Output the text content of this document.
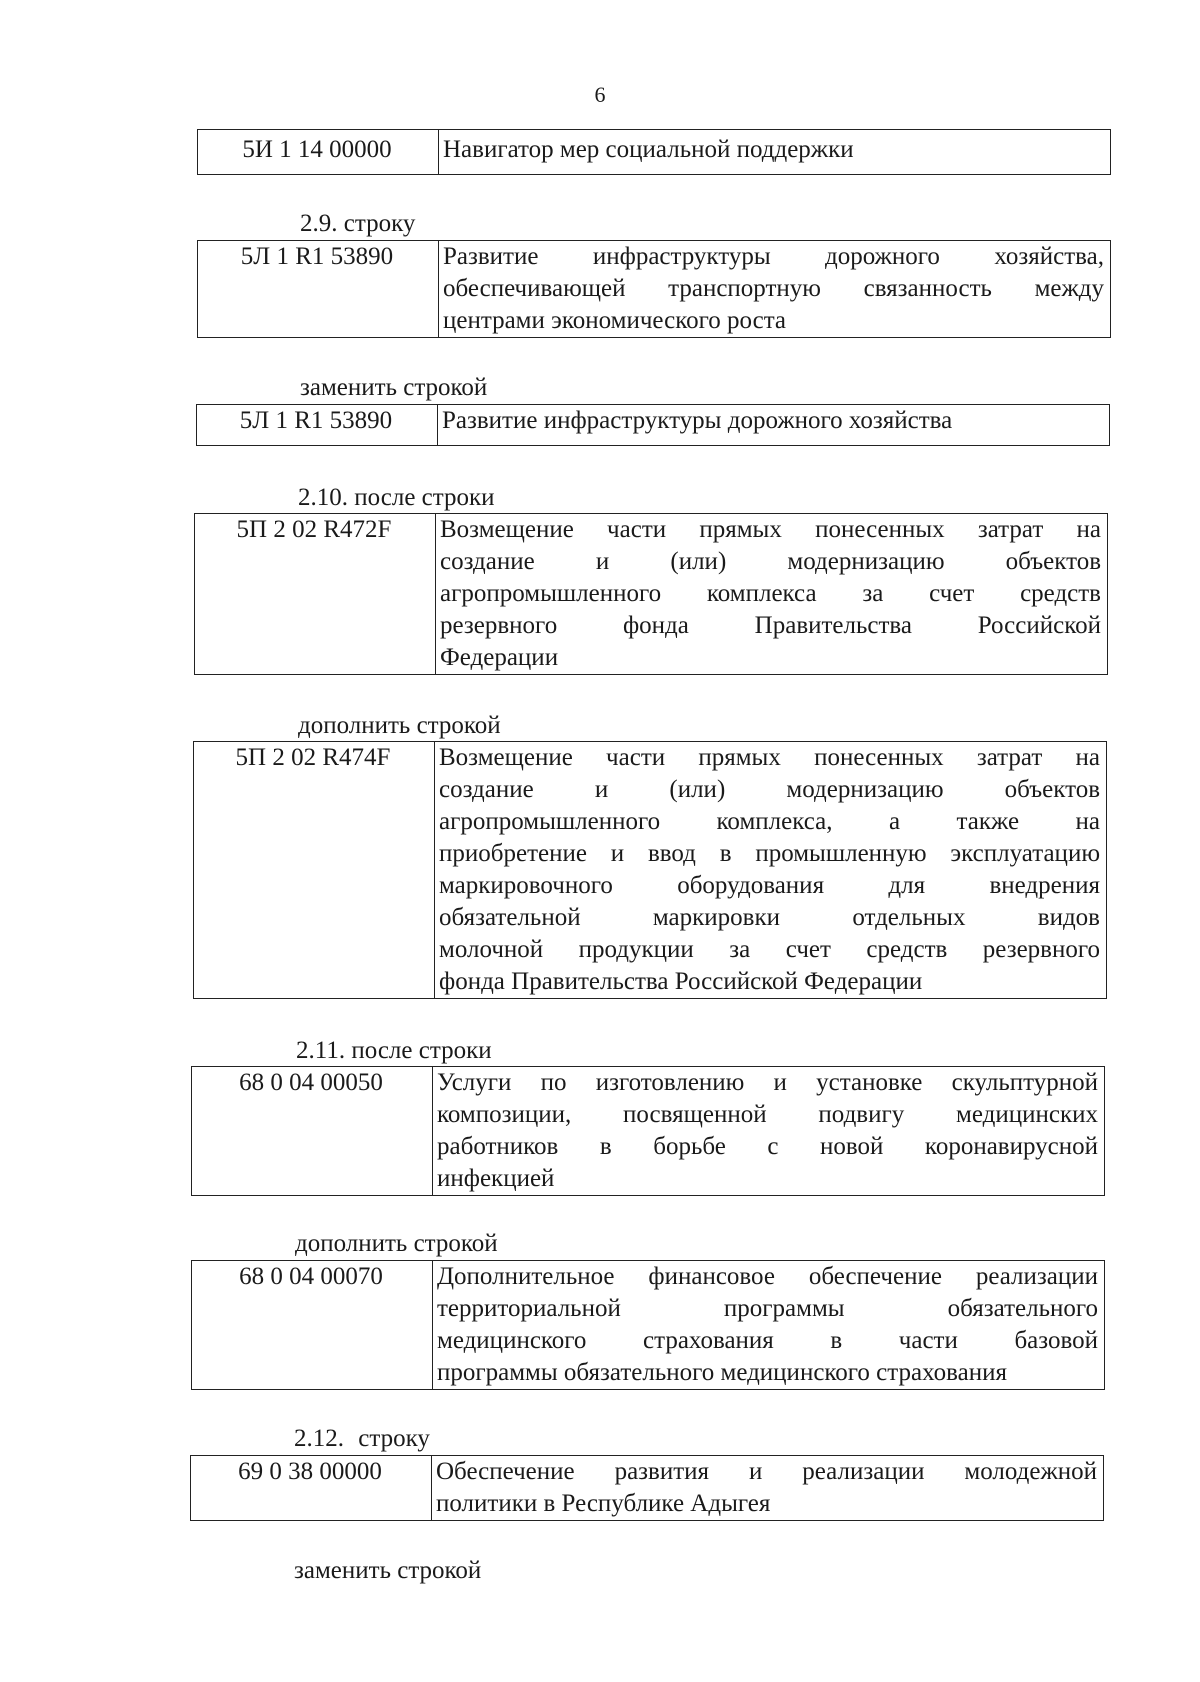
6
5И 1 14 00000	Навигатор мер социальной поддержки
2.9. строку
5Л 1 R1 53890	Развитие инфраструктуры дорожного хозяйства,
обеспечивающей транспортную связанность между
центрами экономического роста
заменить строкой
5Л 1 R1 53890	Развитие инфраструктуры дорожного хозяйства
2.10. после строки
5П 2 02 R472F	Возмещение части прямых понесенных затрат на
создание и (или) модернизацию объектов
агропромышленного комплекса за счет средств
резервного фонда Правительства Российской
Федерации
дополнить строкой
5П 2 02 R474F	Возмещение части прямых понесенных затрат на
создание и (или) модернизацию объектов
агропромышленного комплекса, а также на
приобретение и ввод в промышленную эксплуатацию
маркировочного оборудования для внедрения
обязательной маркировки отдельных видов
молочной продукции за счет средств резервного
фонда Правительства Российской Федерации
2.11. после строки
68 0 04 00050	Услуги по изготовлению и установке скульптурной
композиции, посвященной подвигу медицинских
работников в борьбе с новой коронавирусной
инфекцией
дополнить строкой
68 0 04 00070	Дополнительное финансовое обеспечение реализации
территориальной программы обязательного
медицинского страхования в части базовой
программы обязательного медицинского страхования
2.12. строку
69 0 38 00000	Обеспечение развития и реализации молодежной
политики в Республике Адыгея
заменить строкой
